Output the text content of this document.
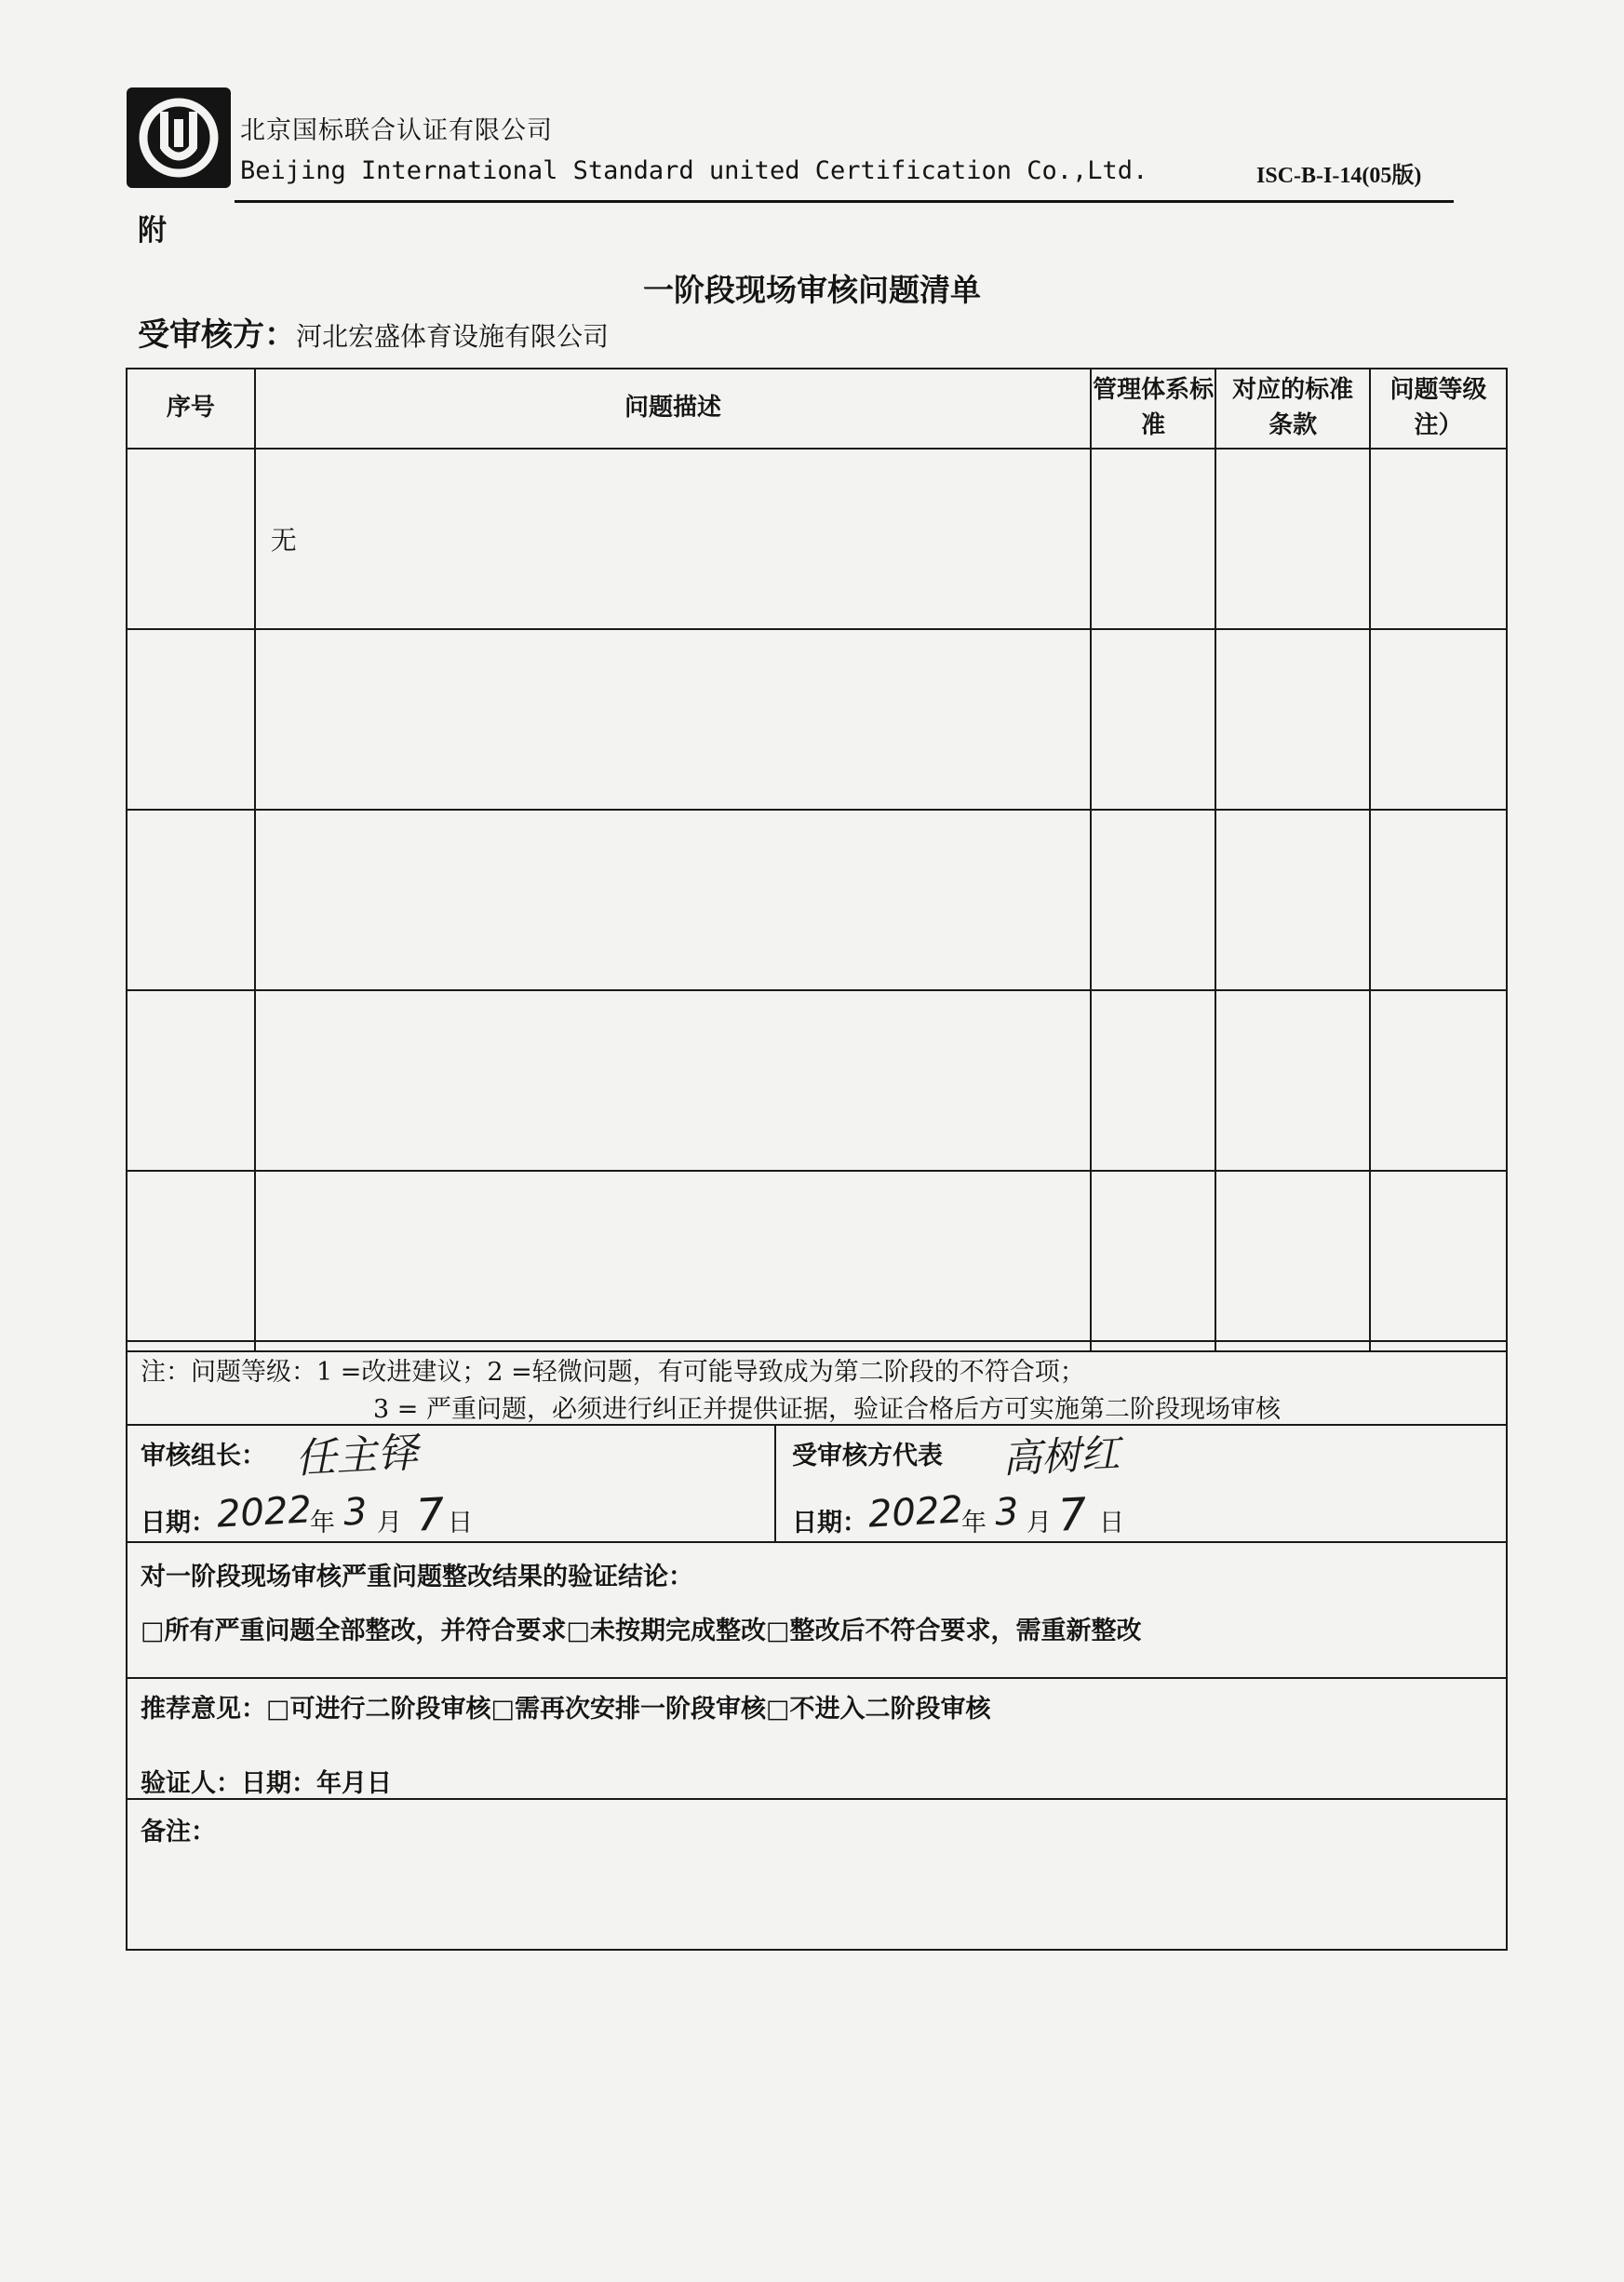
北京国标联合认证有限公司
Beijing International Standard united Certification Co.,Ltd.	ISC-B-I-14(05版)
附
一阶段现场审核问题清单
受审核方：河北宏盛体育设施有限公司
序号	问题描述	管理体系标准	对应的标准条款	问题等级注）

	无			

注：问题等级：1 =改进建议；2 =轻微问题，有可能导致成为第二阶段的不符合项；
3 = 严重问题，必须进行纠正并提供证据，验证合格后方可实施第二阶段现场审核
审核组长： 任主铎
日期： 2022
年 3 月 7 日
受审核方代表 高树红
日期： 2022
年 3 月 7 日
对一阶段现场审核严重问题整改结果的验证结论：
□所有严重问题全部整改，并符合要求□未按期完成整改□整改后不符合要求，需重新整改
推荐意见：□可进行二阶段审核□需再次安排一阶段审核□不进入二阶段审核
验证人：日期：年月日
备注：
